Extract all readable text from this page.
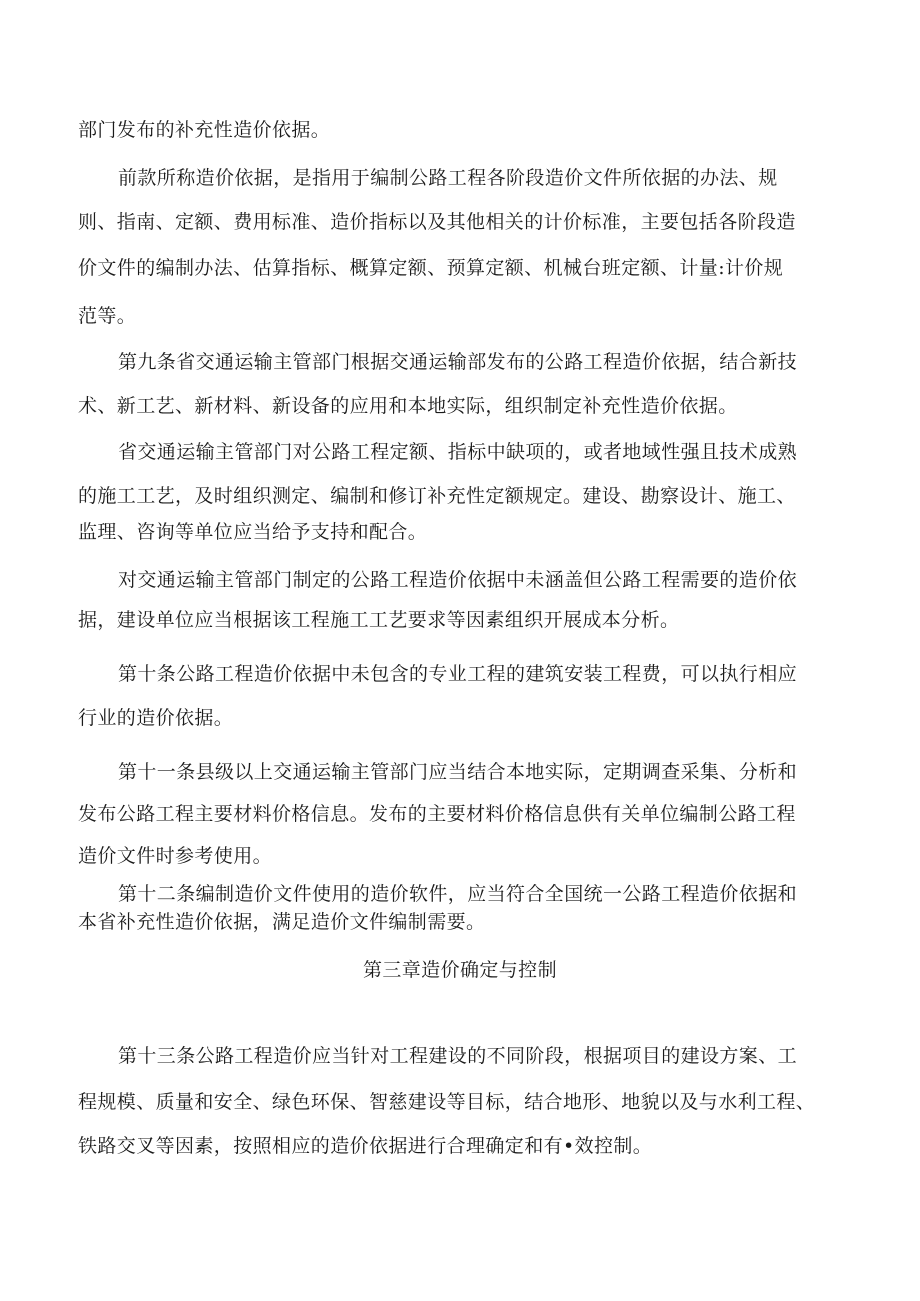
部门发布的补充性造价依据。
前款所称造价依据，是指用于编制公路工程各阶段造价文件所依据的办法、规
则、指南、定额、费用标准、造价指标以及其他相关的计价标准，主要包括各阶段造
价文件的编制办法、估算指标、概算定额、预算定额、机械台班定额、计量:计价规
范等。
第九条省交通运输主管部门根据交通运输部发布的公路工程造价依据，结合新技
术、新工艺、新材料、新设备的应用和本地实际，组织制定补充性造价依据。
省交通运输主管部门对公路工程定额、指标中缺项的，或者地域性强且技术成熟
的施工工艺，及时组织测定、编制和修订补充性定额规定。建设、勘察设计、施工、
监理、咨询等单位应当给予支持和配合。
对交通运输主管部门制定的公路工程造价依据中未涵盖但公路工程需要的造价依
据，建设单位应当根据该工程施工工艺要求等因素组织开展成本分析。
第十条公路工程造价依据中未包含的专业工程的建筑安装工程费，可以执行相应
行业的造价依据。
第十一条县级以上交通运输主管部门应当结合本地实际，定期调查采集、分析和
发布公路工程主要材料价格信息。发布的主要材料价格信息供有关单位编制公路工程
造价文件时参考使用。
第十二条编制造价文件使用的造价软件，应当符合全国统一公路工程造价依据和
本省补充性造价依据，满足造价文件编制需要。
第三章造价确定与控制
第十三条公路工程造价应当针对工程建设的不同阶段，根据项目的建设方案、工
程规模、质量和安全、绿色环保、智慈建设等目标，结合地形、地貌以及与水利工程、
铁路交叉等因素，按照相应的造价依据进行合理确定和有•效控制。
